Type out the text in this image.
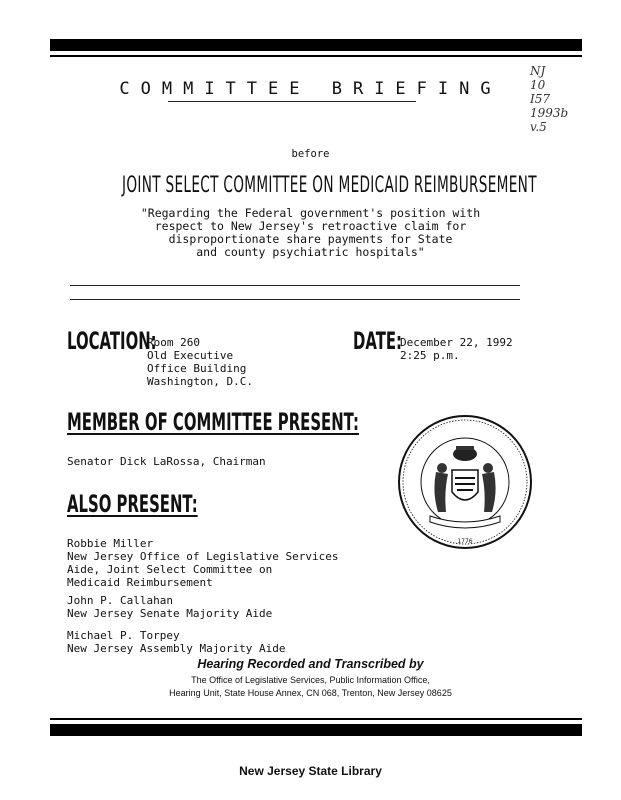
NJ
10
I57
1993b
v.5
COMMITTEE BRIEFING
before
JOINT SELECT COMMITTEE ON MEDICAID REIMBURSEMENT
"Regarding the Federal government's position with
respect to New Jersey's retroactive claim for
disproportionate share payments for State
and county psychiatric hospitals"
LOCATION:
Room 260
Old Executive
Office Building
Washington, D.C.
DATE:
December 22, 1992
2:25 p.m.
MEMBER OF COMMITTEE PRESENT:
Senator Dick LaRossa, Chairman
ALSO PRESENT:
Robbie Miller
New Jersey Office of Legislative Services
Aide, Joint Select Committee on
Medicaid Reimbursement
John P. Callahan
New Jersey Senate Majority Aide
Michael P. Torpey
New Jersey Assembly Majority Aide
1776
Hearing Recorded and Transcribed by
The Office of Legislative Services, Public Information Office,
Hearing Unit, State House Annex, CN 068, Trenton, New Jersey 08625
New Jersey State Library
